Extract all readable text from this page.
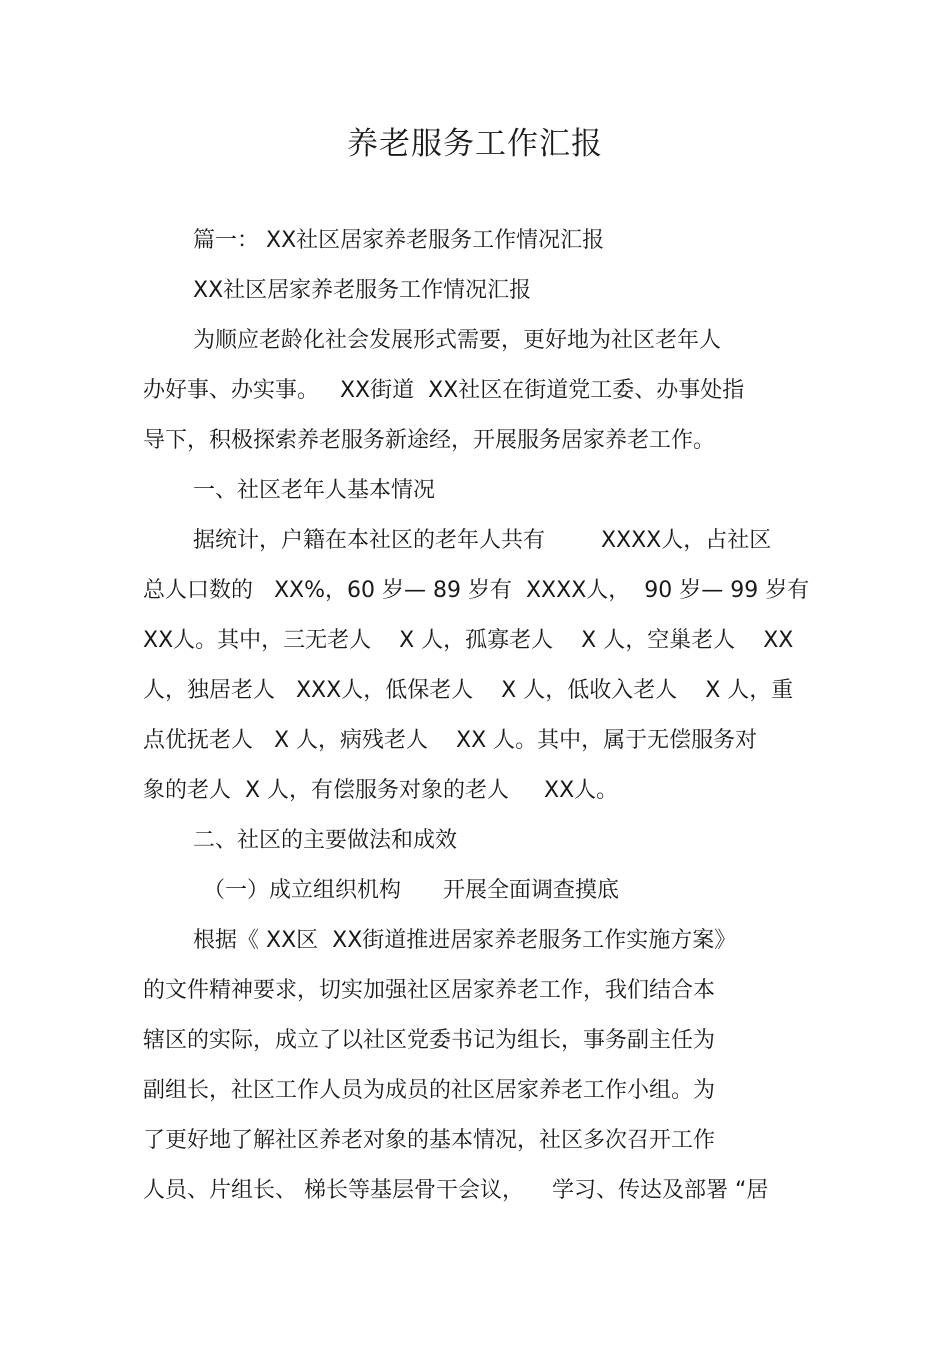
养老服务工作汇报

篇一： XX社区居家养老服务工作情况汇报

XX社区居家养老服务工作情况汇报

为顺应老龄化社会发展形式需要，更好地为社区老年人

办好事、办实事。   XX街道  XX社区在街道党工委、办事处指

导下，积极探索养老服务新途经，开展服务居家养老工作。

一、社区老年人基本情况

据统计，户籍在本社区的老年人共有        XXXX人，占社区

总人口数的   XX%，60 岁— 89 岁有  XXXX人，  90 岁— 99 岁有

XX人。其中，三无老人    X 人，孤寡老人    X 人，空巢老人    XX

人，独居老人   XXX人，低保老人    X 人，低收入老人    X 人，重

点优抚老人   X 人，病残老人    XX 人。其中，属于无偿服务对

象的老人  X 人，有偿服务对象的老人     XX人。

二、社区的主要做法和成效

（一）成立组织机构      开展全面调查摸底

根据《 XX区  XX街道推进居家养老服务工作实施方案》

的文件精神要求，切实加强社区居家养老工作，我们结合本

辖区的实际，成立了以社区党委书记为组长，事务副主任为

副组长，社区工作人员为成员的社区居家养老工作小组。为

了更好地了解社区养老对象的基本情况，社区多次召开工作

人员、片组长、 梯长等基层骨干会议，    学习、传达及部署 “居
